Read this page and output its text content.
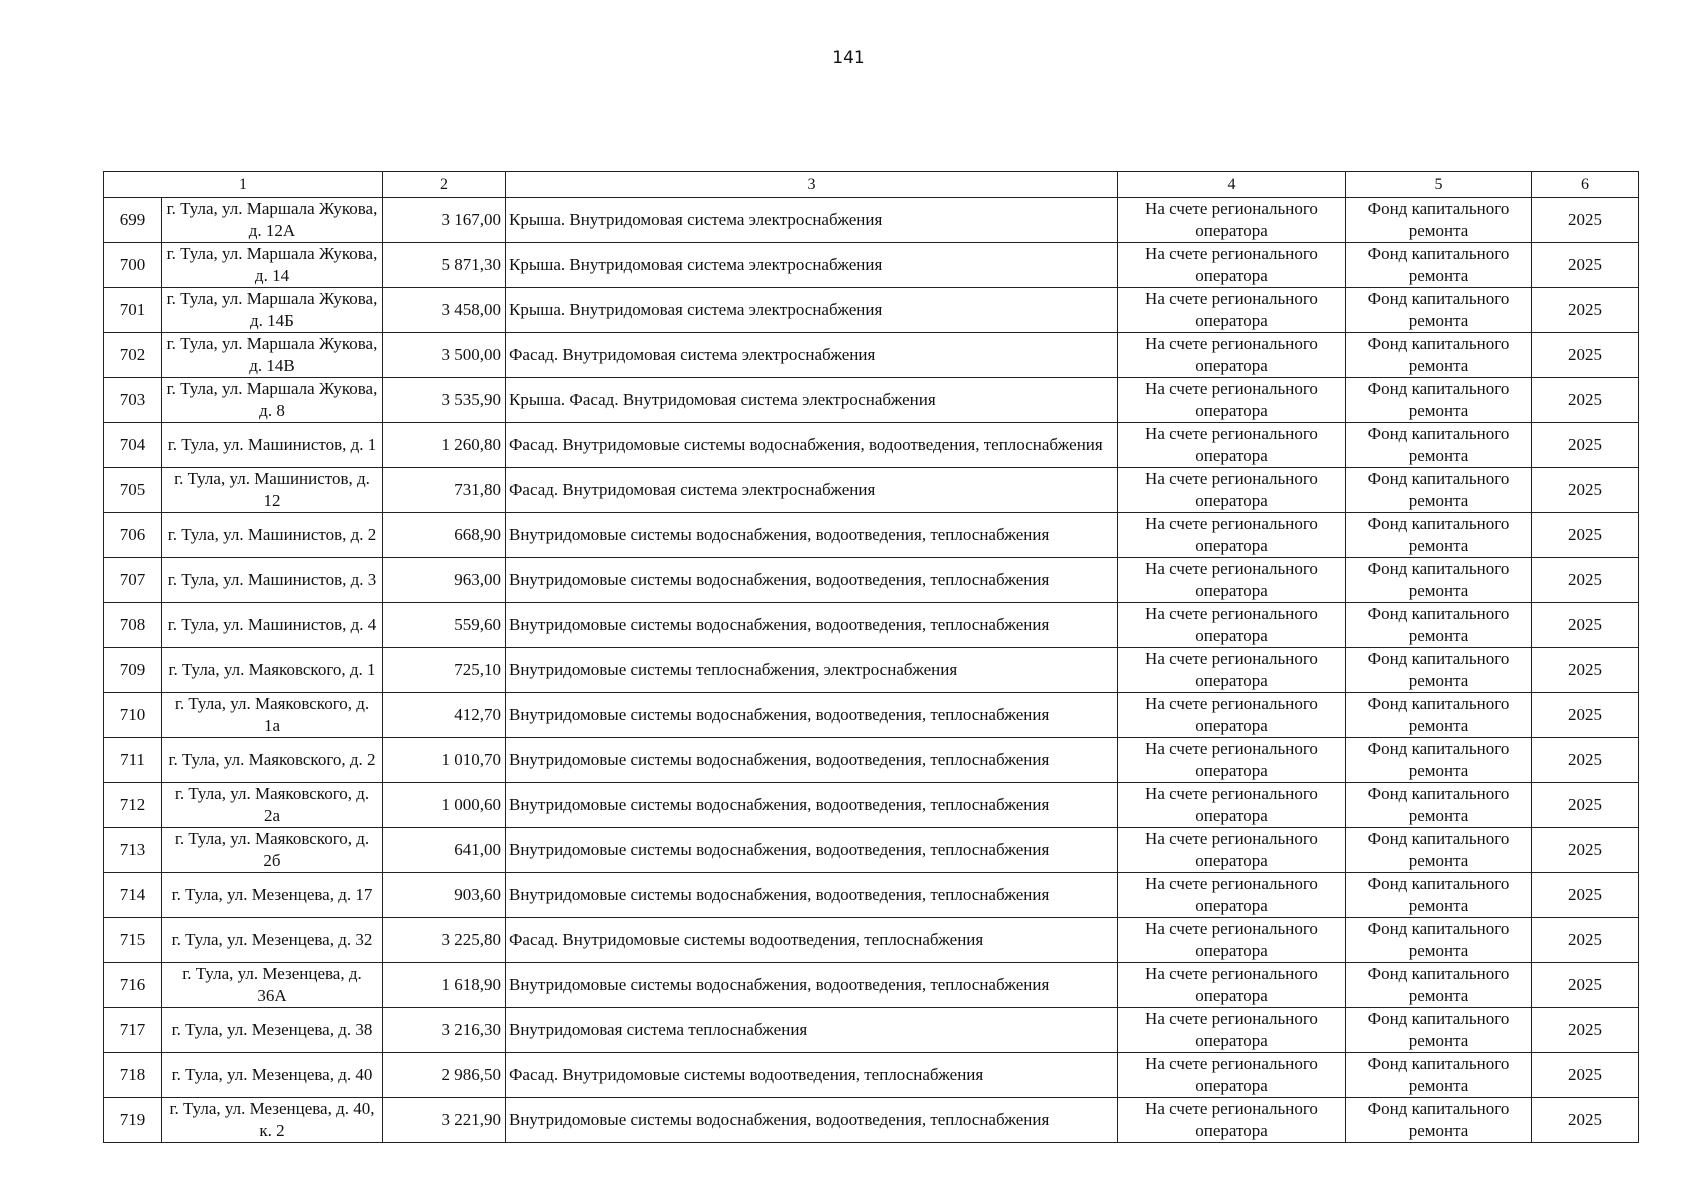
141
1		2	3	4	5	6
699	г. Тула, ул. Маршала Жукова, д. 12А	3 167,00	Крыша. Внутридомовая система электроснабжения	На счете регионального оператора	Фонд капитального ремонта	2025
700	г. Тула, ул. Маршала Жукова, д. 14	5 871,30	Крыша. Внутридомовая система электроснабжения	На счете регионального оператора	Фонд капитального ремонта	2025
701	г. Тула, ул. Маршала Жукова, д. 14Б	3 458,00	Крыша. Внутридомовая система электроснабжения	На счете регионального оператора	Фонд капитального ремонта	2025
702	г. Тула, ул. Маршала Жукова, д. 14В	3 500,00	Фасад. Внутридомовая система электроснабжения	На счете регионального оператора	Фонд капитального ремонта	2025
703	г. Тула, ул. Маршала Жукова, д. 8	3 535,90	Крыша. Фасад. Внутридомовая система электроснабжения	На счете регионального оператора	Фонд капитального ремонта	2025
704	г. Тула, ул. Машинистов, д. 1	1 260,80	Фасад. Внутридомовые системы водоснабжения, водоотведения, теплоснабжения	На счете регионального оператора	Фонд капитального ремонта	2025
705	г. Тула, ул. Машинистов, д. 12	731,80	Фасад. Внутридомовая система электроснабжения	На счете регионального оператора	Фонд капитального ремонта	2025
706	г. Тула, ул. Машинистов, д. 2	668,90	Внутридомовые системы водоснабжения, водоотведения, теплоснабжения	На счете регионального оператора	Фонд капитального ремонта	2025
707	г. Тула, ул. Машинистов, д. 3	963,00	Внутридомовые системы водоснабжения, водоотведения, теплоснабжения	На счете регионального оператора	Фонд капитального ремонта	2025
708	г. Тула, ул. Машинистов, д. 4	559,60	Внутридомовые системы водоснабжения, водоотведения, теплоснабжения	На счете регионального оператора	Фонд капитального ремонта	2025
709	г. Тула, ул. Маяковского, д. 1	725,10	Внутридомовые системы теплоснабжения, электроснабжения	На счете регионального оператора	Фонд капитального ремонта	2025
710	г. Тула, ул. Маяковского, д. 1а	412,70	Внутридомовые системы водоснабжения, водоотведения, теплоснабжения	На счете регионального оператора	Фонд капитального ремонта	2025
711	г. Тула, ул. Маяковского, д. 2	1 010,70	Внутридомовые системы водоснабжения, водоотведения, теплоснабжения	На счете регионального оператора	Фонд капитального ремонта	2025
712	г. Тула, ул. Маяковского, д. 2а	1 000,60	Внутридомовые системы водоснабжения, водоотведения, теплоснабжения	На счете регионального оператора	Фонд капитального ремонта	2025
713	г. Тула, ул. Маяковского, д. 2б	641,00	Внутридомовые системы водоснабжения, водоотведения, теплоснабжения	На счете регионального оператора	Фонд капитального ремонта	2025
714	г. Тула, ул. Мезенцева, д. 17	903,60	Внутридомовые системы водоснабжения, водоотведения, теплоснабжения	На счете регионального оператора	Фонд капитального ремонта	2025
715	г. Тула, ул. Мезенцева, д. 32	3 225,80	Фасад. Внутридомовые системы водоотведения, теплоснабжения	На счете регионального оператора	Фонд капитального ремонта	2025
716	г. Тула, ул. Мезенцева, д. 36А	1 618,90	Внутридомовые системы водоснабжения, водоотведения, теплоснабжения	На счете регионального оператора	Фонд капитального ремонта	2025
717	г. Тула, ул. Мезенцева, д. 38	3 216,30	Внутридомовая система теплоснабжения	На счете регионального оператора	Фонд капитального ремонта	2025
718	г. Тула, ул. Мезенцева, д. 40	2 986,50	Фасад. Внутридомовые системы водоотведения, теплоснабжения	На счете регионального оператора	Фонд капитального ремонта	2025
719	г. Тула, ул. Мезенцева, д. 40, к. 2	3 221,90	Внутридомовые системы водоснабжения, водоотведения, теплоснабжения	На счете регионального оператора	Фонд капитального ремонта	2025
